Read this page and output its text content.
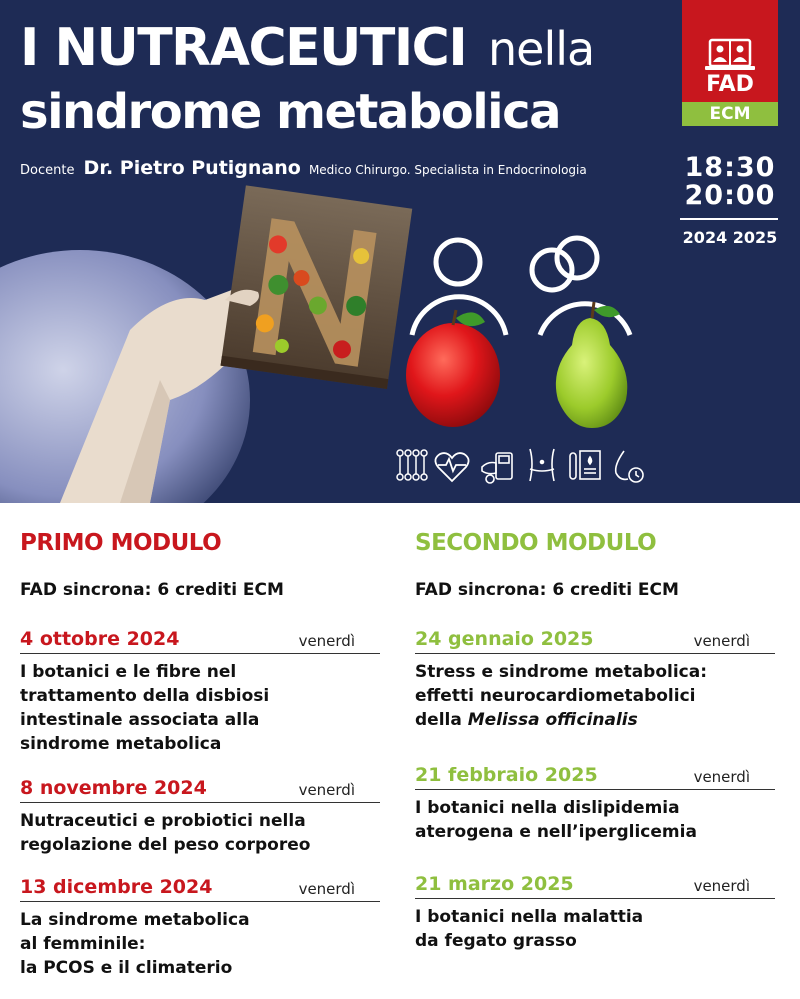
I NUTRACEUTICI nella
sindrome metabolica
Docente Dr. Pietro Putignano Medico Chirurgo. Specialista in Endocrinologia
FAD
ECM
18:30
20:00
2024 2025
PRIMO MODULO
FAD sincrona: 6 crediti ECM
4 ottobre 2024	venerdì
I botanici e le fibre nel
trattamento della disbiosi
intestinale associata alla
sindrome metabolica
8 novembre 2024	venerdì
Nutraceutici e probiotici nella
regolazione del peso corporeo
13 dicembre 2024	venerdì
La sindrome metabolica
al femminile:
la PCOS e il climaterio
SECONDO MODULO
FAD sincrona: 6 crediti ECM
24 gennaio 2025	venerdì
Stress e sindrome metabolica:
effetti neurocardiometabolici
della Melissa officinalis
21 febbraio 2025	venerdì
I botanici nella dislipidemia
aterogena e nell’iperglicemia
21 marzo 2025	venerdì
I botanici nella malattia
da fegato grasso
